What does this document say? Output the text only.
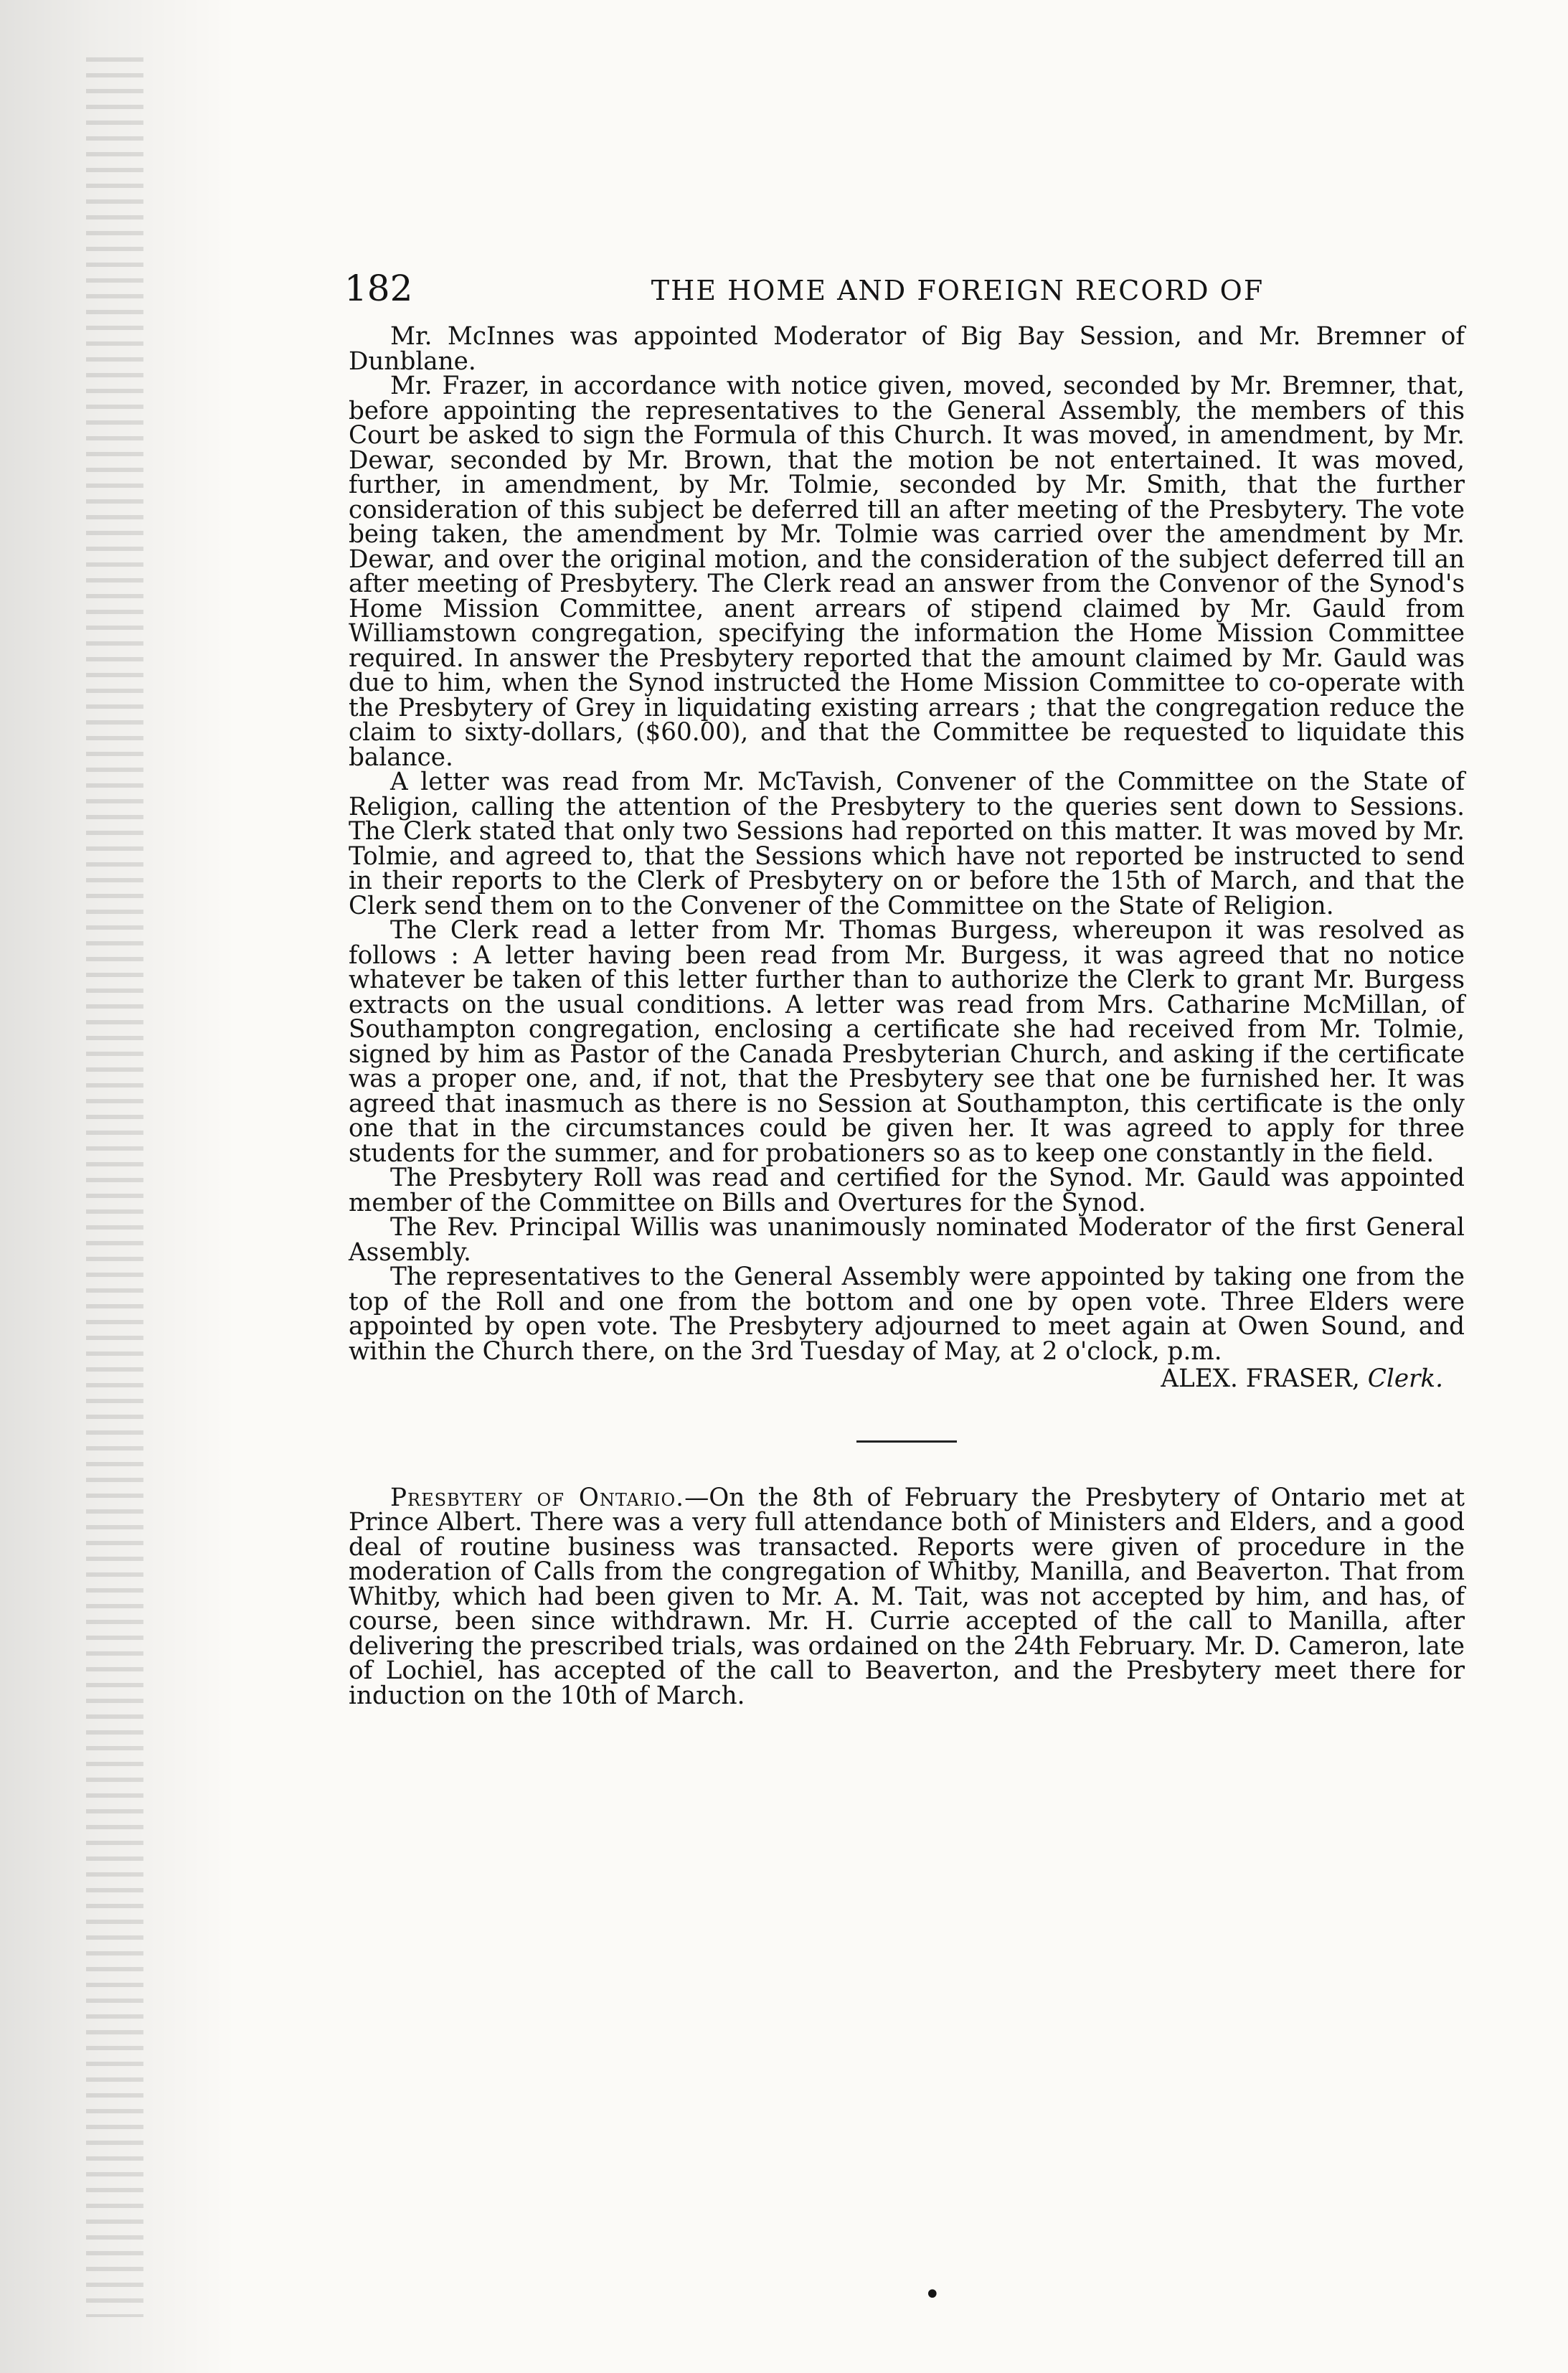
182	THE HOME AND FOREIGN RECORD OF

Mr. McInnes was appointed Moderator of Big Bay Session, and Mr. Bremner of Dunblane.

Mr. Frazer, in accordance with notice given, moved, seconded by Mr. Bremner, that, before appointing the representatives to the General Assembly, the members of this Court be asked to sign the Formula of this Church. It was moved, in amendment, by Mr. Dewar, seconded by Mr. Brown, that the motion be not entertained. It was moved, further, in amendment, by Mr. Tolmie, seconded by Mr. Smith, that the further consideration of this subject be deferred till an after meeting of the Presbytery. The vote being taken, the amendment by Mr. Tolmie was carried over the amendment by Mr. Dewar, and over the original motion, and the consideration of the subject deferred till an after meeting of Presbytery. The Clerk read an answer from the Convenor of the Synod's Home Mission Committee, anent arrears of stipend claimed by Mr. Gauld from Williamstown congregation, specifying the information the Home Mission Committee required. In answer the Presbytery reported that the amount claimed by Mr. Gauld was due to him, when the Synod instructed the Home Mission Committee to co-operate with the Presbytery of Grey in liquidating existing arrears ; that the congregation reduce the claim to sixty-dollars, ($60.00), and that the Committee be requested to liquidate this balance.

A letter was read from Mr. McTavish, Convener of the Committee on the State of Religion, calling the attention of the Presbytery to the queries sent down to Sessions. The Clerk stated that only two Sessions had reported on this matter. It was moved by Mr. Tolmie, and agreed to, that the Sessions which have not reported be instructed to send in their reports to the Clerk of Presbytery on or before the 15th of March, and that the Clerk send them on to the Convener of the Committee on the State of Religion.

The Clerk read a letter from Mr. Thomas Burgess, whereupon it was resolved as follows : A letter having been read from Mr. Burgess, it was agreed that no notice whatever be taken of this letter further than to authorize the Clerk to grant Mr. Burgess extracts on the usual conditions. A letter was read from Mrs. Catharine McMillan, of Southampton congregation, enclosing a certificate she had received from Mr. Tolmie, signed by him as Pastor of the Canada Presbyterian Church, and asking if the certificate was a proper one, and, if not, that the Presbytery see that one be furnished her. It was agreed that inasmuch as there is no Session at Southampton, this certificate is the only one that in the circumstances could be given her. It was agreed to apply for three students for the summer, and for probationers so as to keep one constantly in the field.

The Presbytery Roll was read and certified for the Synod. Mr. Gauld was appointed member of the Committee on Bills and Overtures for the Synod.

The Rev. Principal Willis was unanimously nominated Moderator of the first General Assembly.

The representatives to the General Assembly were appointed by taking one from the top of the Roll and one from the bottom and one by open vote. Three Elders were appointed by open vote. The Presbytery adjourned to meet again at Owen Sound, and within the Church there, on the 3rd Tuesday of May, at 2 o'clock, p.m.

ALEX. FRASER, Clerk.

Presbytery of Ontario.—On the 8th of February the Presbytery of Ontario met at Prince Albert. There was a very full attendance both of Ministers and Elders, and a good deal of routine business was transacted. Reports were given of procedure in the moderation of Calls from the congregation of Whitby, Manilla, and Beaverton. That from Whitby, which had been given to Mr. A. M. Tait, was not accepted by him, and has, of course, been since withdrawn. Mr. H. Currie accepted of the call to Manilla, after delivering the prescribed trials, was ordained on the 24th February. Mr. D. Cameron, late of Lochiel, has accepted of the call to Beaverton, and the Presbytery meet there for induction on the 10th of March.

•
